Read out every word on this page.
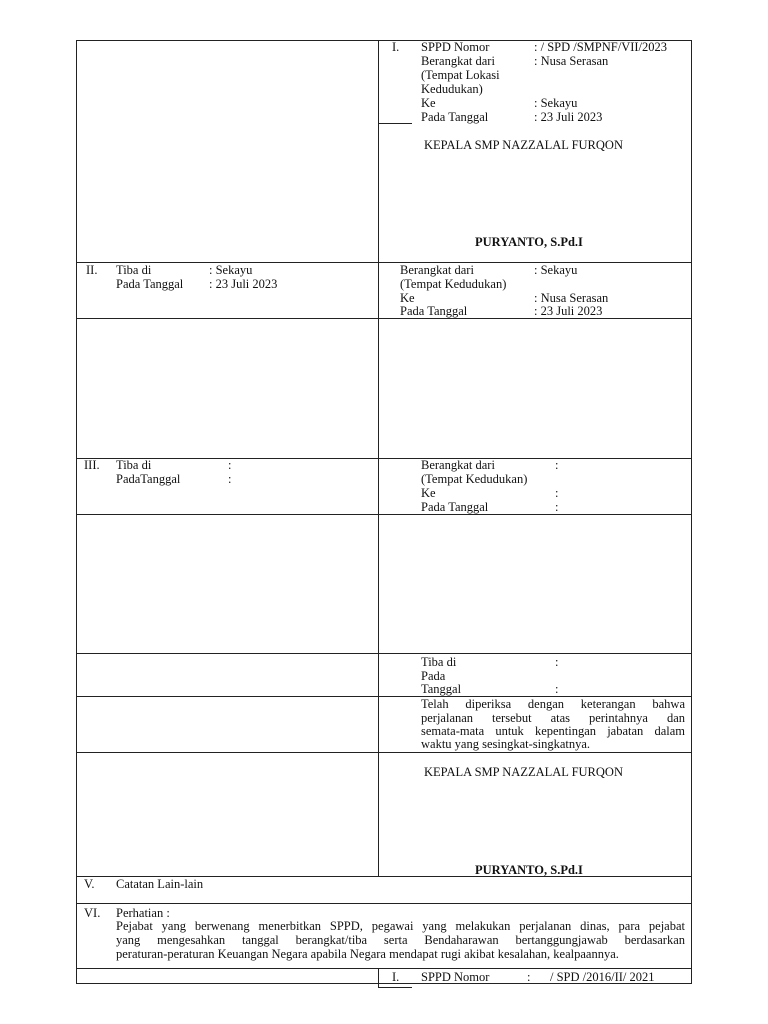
I. SPPD Nomor	: / SPD /SMPNF/VII/2023
Berangkat dari	: Nusa Serasan
(Tempat Lokasi
Kedudukan)
Ke	: Sekayu
Pada Tanggal	: 23 Juli 2023
KEPALA SMP NAZZALAL FURQON
PURYANTO, S.Pd.I
II. Tiba di	: Sekayu
Pada Tanggal : 23 Juli 2023
Berangkat dari	: Sekayu
(Tempat Kedudukan)
Ke	: Nusa Serasan
Pada Tanggal	: 23 Juli 2023
III. Tiba di	:
PadaTanggal	:
Berangkat dari	:
(Tempat Kedudukan)
Ke	:
Pada Tanggal	:
Tiba di	:
Pada
Tanggal	:
Telah diperiksa dengan keterangan bahwa
perjalanan tersebut atas perintahnya dan
semata-mata untuk kepentingan jabatan dalam
waktu yang sesingkat-singkatnya.
KEPALA SMP NAZZALAL FURQON
PURYANTO, S.Pd.I
V. Catatan Lain-lain
VI. Perhatian :
Pejabat yang berwenang menerbitkan SPPD, pegawai yang melakukan perjalanan dinas, para pejabat
yang mengesahkan tanggal berangkat/tiba serta Bendaharawan bertanggungjawab berdasarkan
peraturan-peraturan Keuangan Negara apabila Negara mendapat rugi akibat kesalahan, kealpaannya.
I. SPPD Nomor	: / SPD /2016/II/ 2021
